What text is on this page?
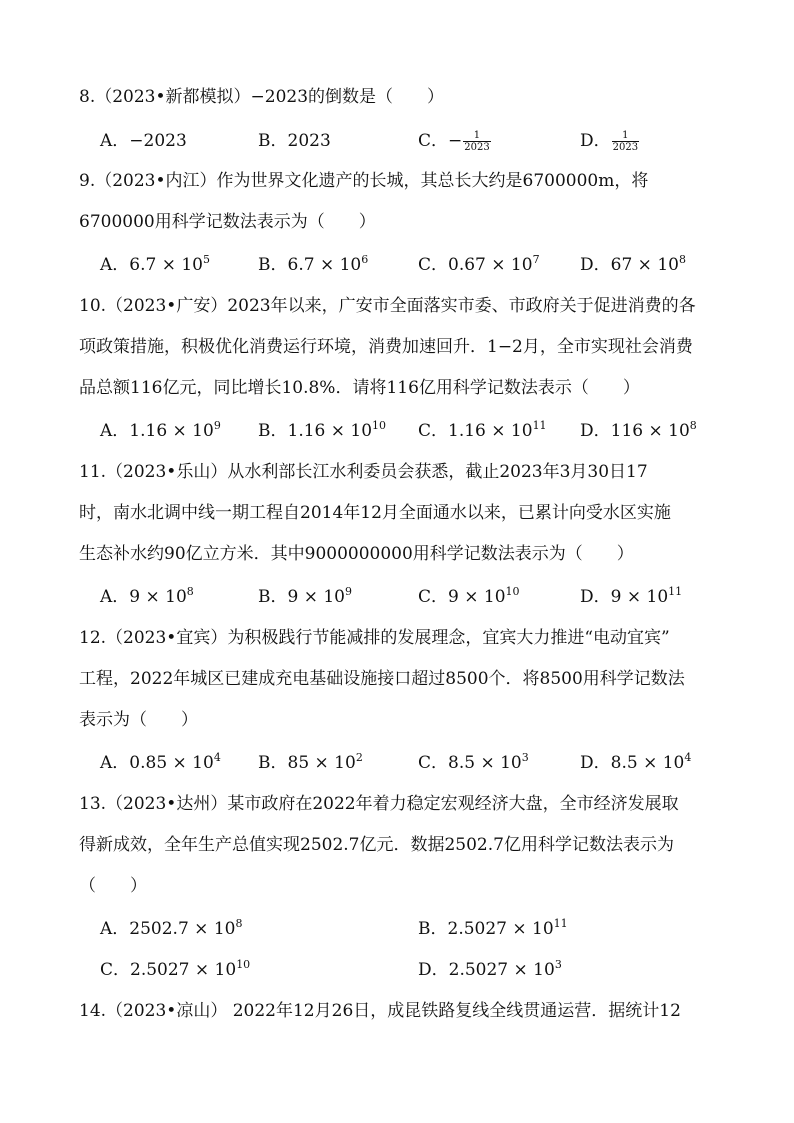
8.（2023•新都模拟）−2023的倒数是（　　）
A．−2023	B．2023	C．− $\frac{1}{2023}$	D． $\frac{1}{2023}$
9.（2023•内江）作为世界文化遗产的长城，其总长大约是6700000m，将
6700000用科学记数法表示为（　　）
A．$6.7 \times 10^5$	B．$6.7 \times 10^6$	C．$0.67 \times 10^7$ D．$67 \times 10^8$
10.（2023•广安）2023年以来，广安市全面落实市委、市政府关于促进消费的各
项政策措施，积极优化消费运行环境，消费加速回升．1−2月，全市实现社会消费
品总额116亿元，同比增长10.8%．请将116亿用科学记数法表示（　　）
A．$1.16 \times 10^9$ B．$1.16 \times 10^{10}$ C．$1.16 \times 10^{11}$ D．$116 \times 10^8$
11.（2023•乐山）从水利部长江水利委员会获悉，截止2023年3月30日17
时，南水北调中线一期工程自2014年12月全面通水以来，已累计向受水区实施
生态补水约90亿立方米．其中9000000000用科学记数法表示为（　　）
A．$9 \times 10^8$	B．$9 \times 10^9$	C．$9 \times 10^{10}$	D．$9 \times 10^{11}$
12.（2023•宜宾）为积极践行节能减排的发展理念，宜宾大力推进“电动宜宾”
工程，2022年城区已建成充电基础设施接口超过8500个．将8500用科学记数法
表示为（　　）
A．$0.85 \times 10^4$ B．$85 \times 10^2$	C．$8.5 \times 10^3$	D．$8.5 \times 10^4$
13.（2023•达州）某市政府在2022年着力稳定宏观经济大盘，全市经济发展取
得新成效，全年生产总值实现2502.7亿元．数据2502.7亿用科学记数法表示为
（　　）
A．$2502.7 \times 10^8$	B．$2.5027 \times 10^{11}$
C．$2.5027 \times 10^{10}$	D．$2.5027 \times 10^3$
14.（2023•凉山） 2022年12月26日，成昆铁路复线全线贯通运营．据统计12
